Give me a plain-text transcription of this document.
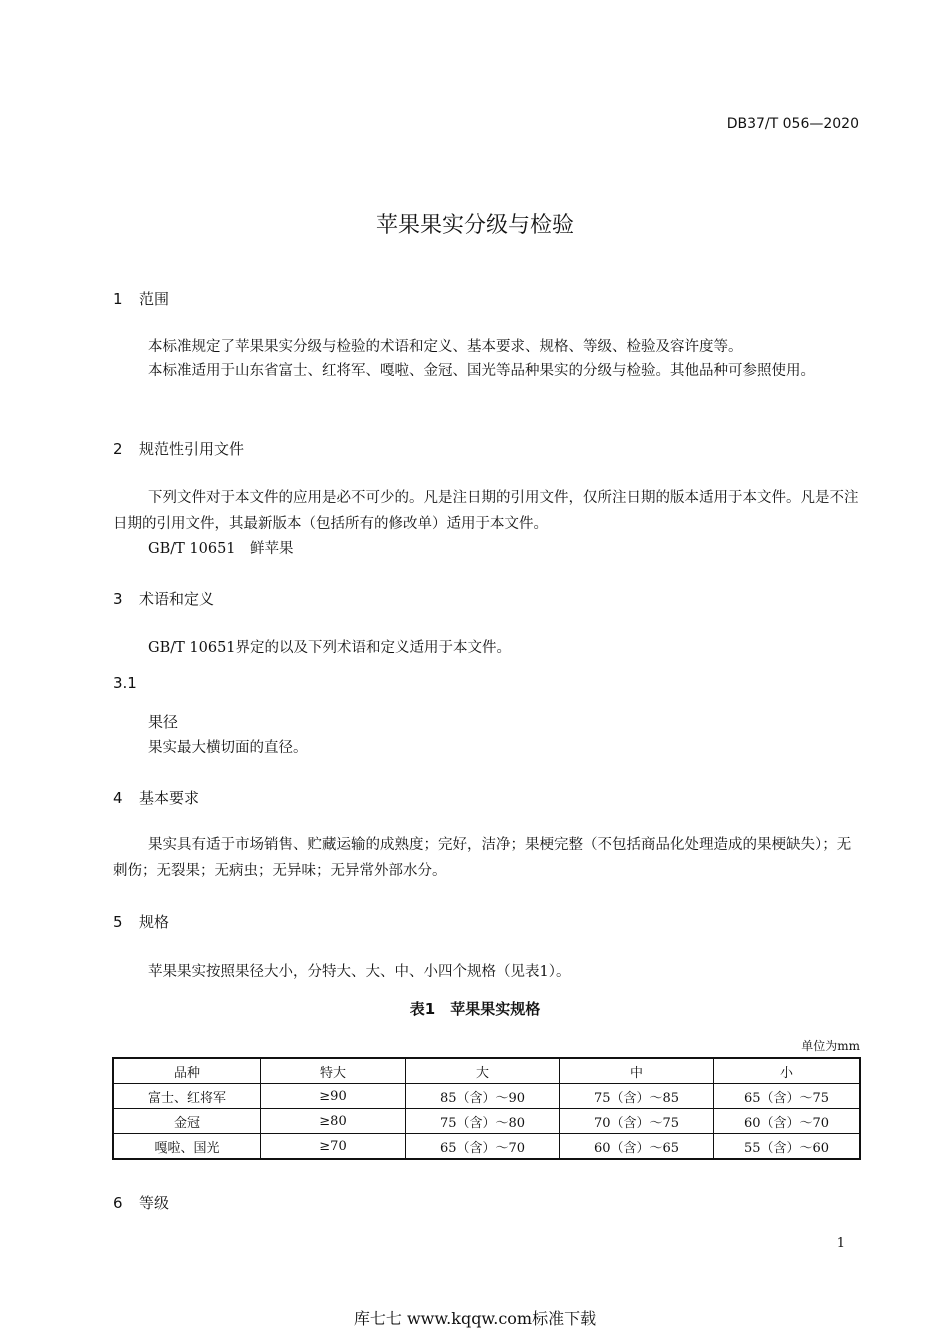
DB37/T 056—2020
苹果果实分级与检验
1 范围
本标准规定了苹果果实分级与检验的术语和定义、基本要求、规格、等级、检验及容许度等。
本标准适用于山东省富士、红将军、嘎啦、金冠、国光等品种果实的分级与检验。其他品种可参照使用。
2 规范性引用文件
下列文件对于本文件的应用是必不可少的。凡是注日期的引用文件，仅所注日期的版本适用于本文件。凡是不注日期的引用文件，其最新版本（包括所有的修改单）适用于本文件。
GB/T 10651　鲜苹果
3 术语和定义
GB/T 10651界定的以及下列术语和定义适用于本文件。
3.1
果径
果实最大横切面的直径。
4 基本要求
果实具有适于市场销售、贮藏运输的成熟度；完好，洁净；果梗完整（不包括商品化处理造成的果梗缺失）；无刺伤；无裂果；无病虫；无异味；无异常外部水分。
5 规格
苹果果实按照果径大小，分特大、大、中、小四个规格（见表1）。
表1　苹果果实规格
单位为mm
品种	特大	大	中	小
富士、红将军	≥90	85（含）～90	75（含）～85	65（含）～75
金冠	≥80	75（含）～80	70（含）～75	60（含）～70
嘎啦、国光	≥70	65（含）～70	60（含）～65	55（含）～60
6 等级
1
库七七 www.kqqw.com标准下载
